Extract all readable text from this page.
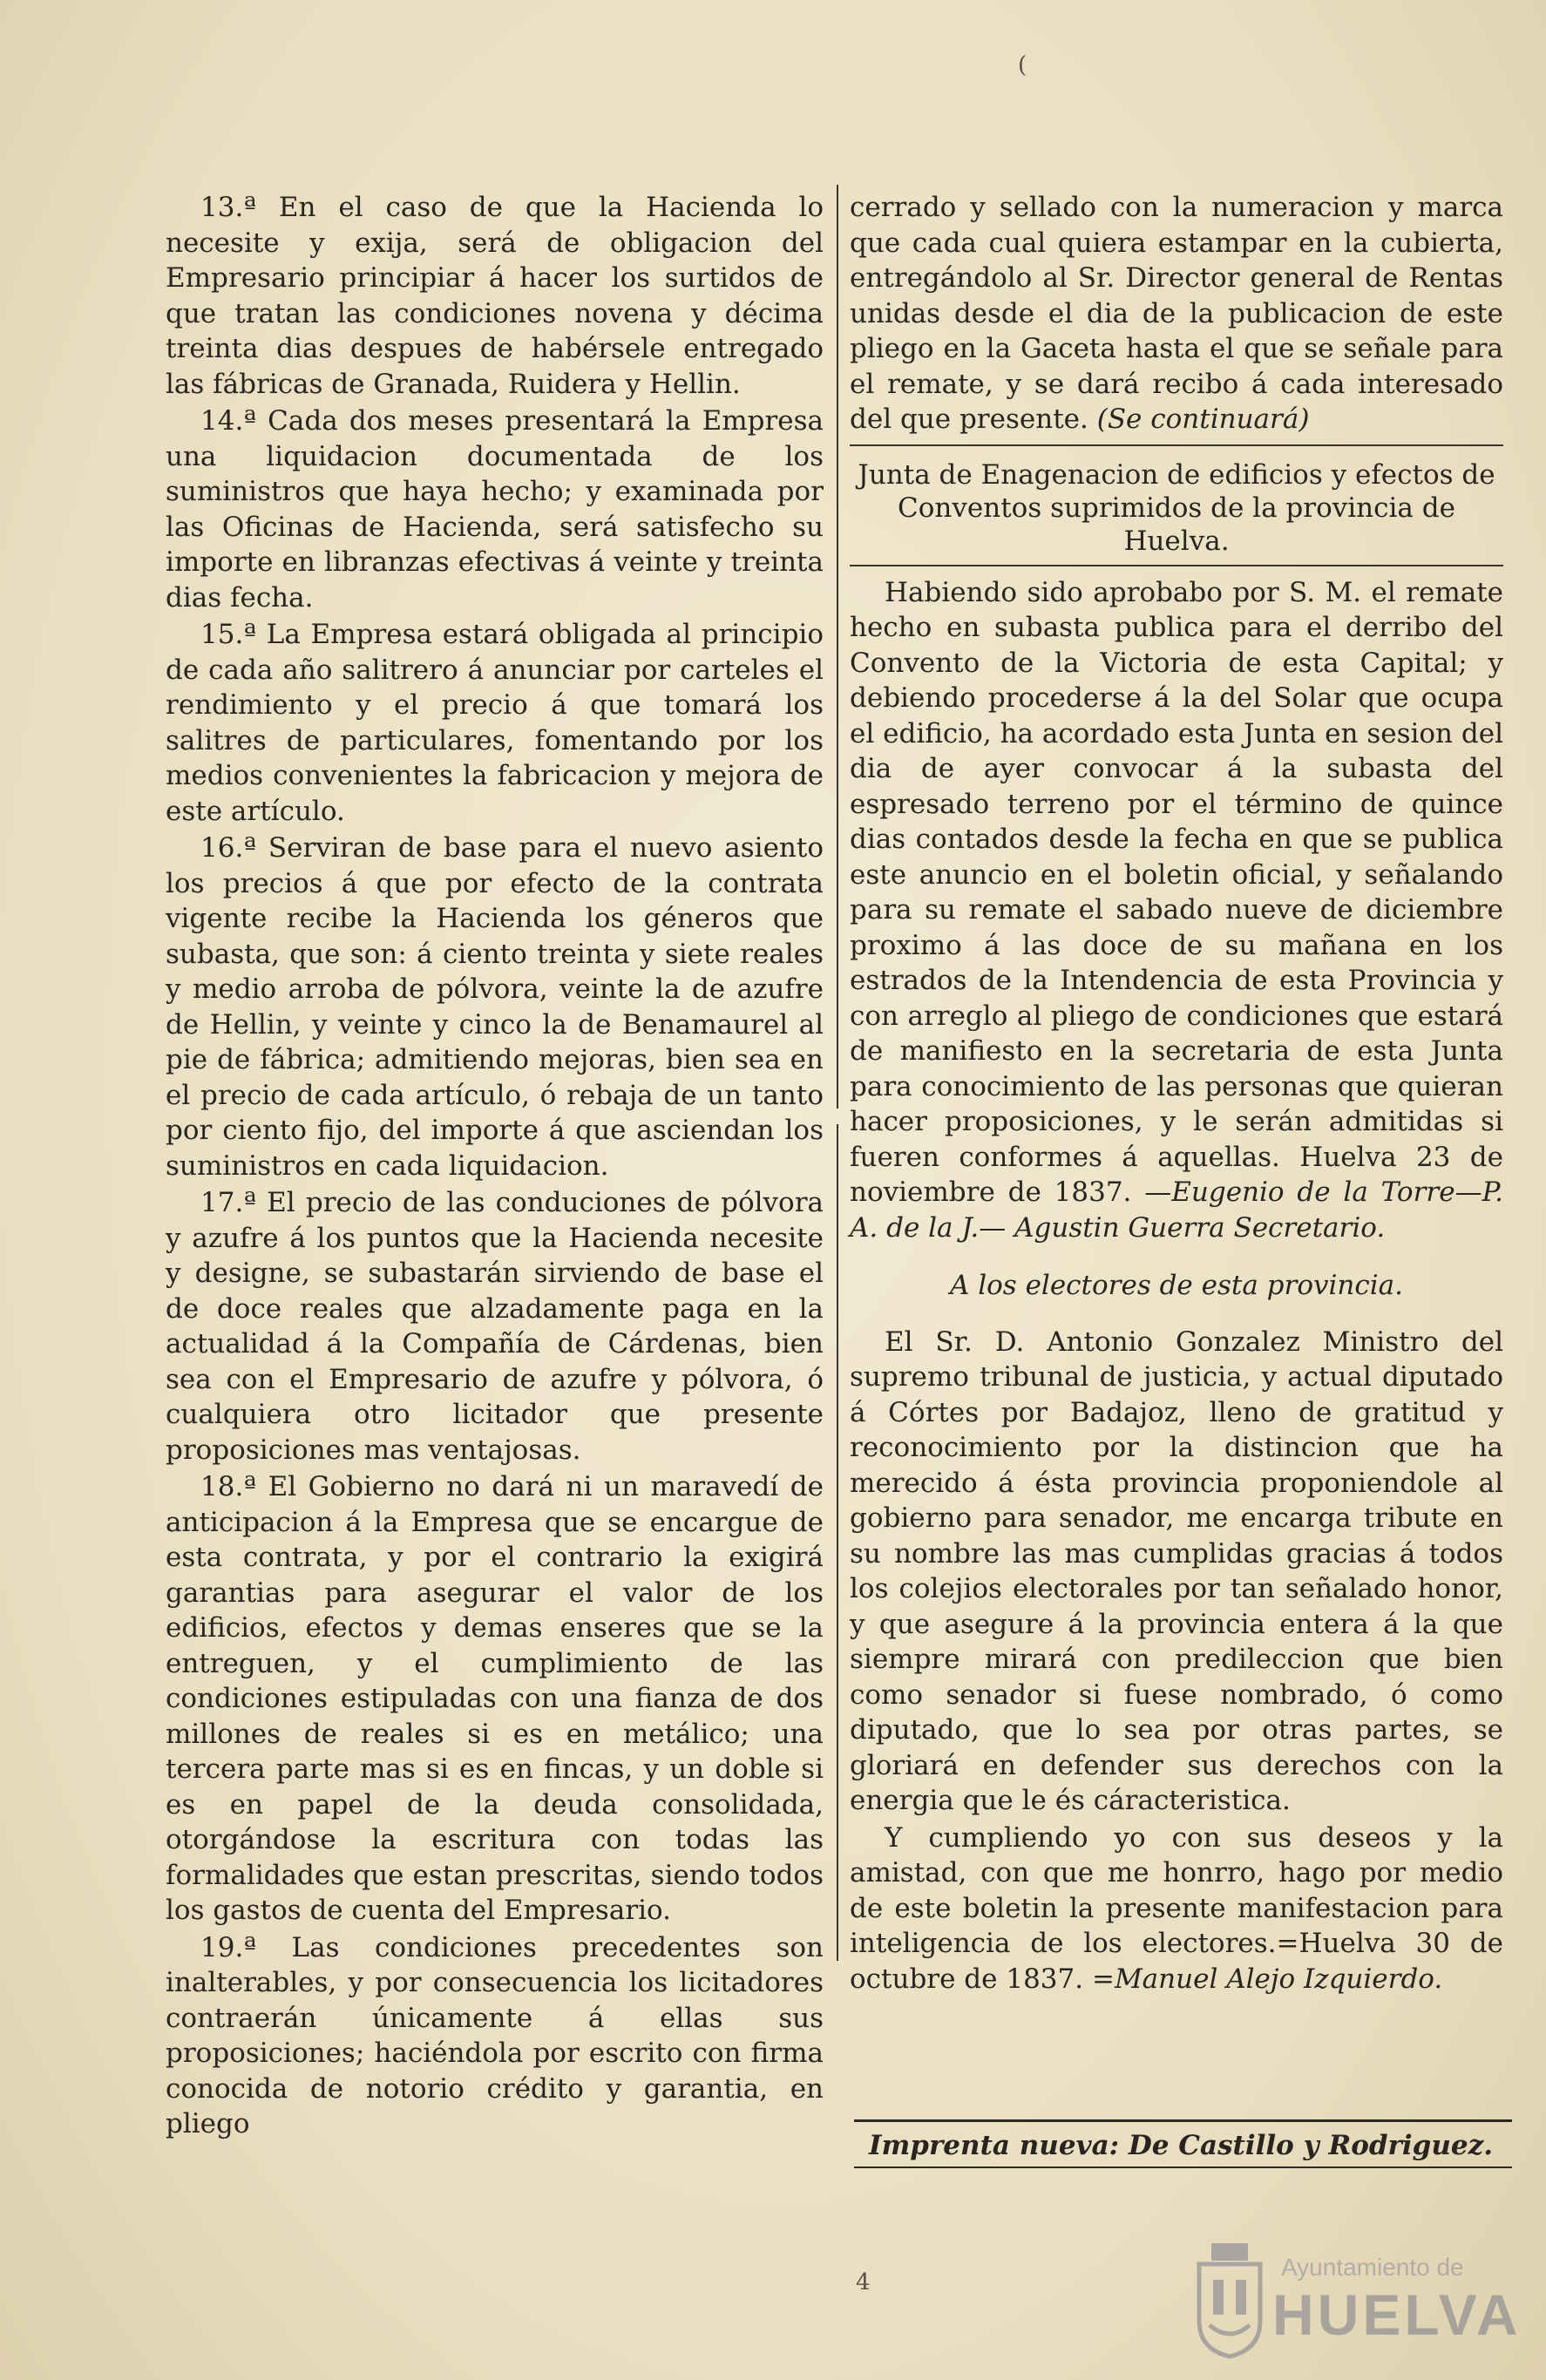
(

13.ª En el caso de que la Hacienda lo necesite y exija, será de obligacion del Empresario principiar á hacer los surtidos de que tratan las condiciones novena y décima treinta dias despues de habérsele entregado las fábricas de Granada, Ruidera y Hellin.

14.ª Cada dos meses presentará la Empresa una liquidacion documentada de los suministros que haya hecho; y examinada por las Oficinas de Hacienda, será satisfecho su importe en libranzas efectivas á veinte y treinta dias fecha.

15.ª La Empresa estará obligada al principio de cada año salitrero á anunciar por carteles el rendimiento y el precio á que tomará los salitres de particulares, fomentando por los medios convenientes la fabricacion y mejora de este artículo.

16.ª Serviran de base para el nuevo asiento los precios á que por efecto de la contrata vigente recibe la Hacienda los géneros que subasta, que son: á ciento treinta y siete reales y medio arroba de pólvora, veinte la de azufre de Hellin, y veinte y cinco la de Benamaurel al pie de fábrica; admitiendo mejoras, bien sea en el precio de cada artículo, ó rebaja de un tanto por ciento fijo, del importe á que asciendan los suministros en cada liquidacion.

17.ª El precio de las conduciones de pólvora y azufre á los puntos que la Hacienda necesite y designe, se subastarán sirviendo de base el de doce reales que alzadamente paga en la actualidad á la Compañía de Cárdenas, bien sea con el Empresario de azufre y pólvora, ó cualquiera otro licitador que presente proposiciones mas ventajosas.

18.ª El Gobierno no dará ni un maravedí de anticipacion á la Empresa que se encargue de esta contrata, y por el contrario la exigirá garantias para asegurar el valor de los edificios, efectos y demas enseres que se la entreguen, y el cumplimiento de las condiciones estipuladas con una fianza de dos millones de reales si es en metálico; una tercera parte mas si es en fincas, y un doble si es en papel de la deuda consolidada, otorgándose la escritura con todas las formalidades que estan prescritas, siendo todos los gastos de cuenta del Empresario.

19.ª Las condiciones precedentes son inalterables, y por consecuencia los licitadores contraerán únicamente á ellas sus proposiciones; haciéndola por escrito con firma conocida de notorio crédito y garantia, en pliego

cerrado y sellado con la numeracion y marca que cada cual quiera estampar en la cubierta, entregándolo al Sr. Director general de Rentas unidas desde el dia de la publicacion de este pliego en la Gaceta hasta el que se señale para el remate, y se dará recibo á cada interesado del que presente. (Se continuará)

Junta de Enagenacion de edificios y efectos de Conventos suprimidos de la provincia de Huelva.

Habiendo sido aprobabo por S. M. el remate hecho en subasta publica para el derribo del Convento de la Victoria de esta Capital; y debiendo procederse á la del Solar que ocupa el edificio, ha acordado esta Junta en sesion del dia de ayer convocar á la subasta del espresado terreno por el término de quince dias contados desde la fecha en que se publica este anuncio en el boletin oficial, y señalando para su remate el sabado nueve de diciembre proximo á las doce de su mañana en los estrados de la Intendencia de esta Provincia y con arreglo al pliego de condiciones que estará de manifiesto en la secretaria de esta Junta para conocimiento de las personas que quieran hacer proposiciones, y le serán admitidas si fueren conformes á aquellas. Huelva 23 de noviembre de 1837. —Eugenio de la Torre—P. A. de la J.— Agustin Guerra Secretario.

A los electores de esta provincia.

El Sr. D. Antonio Gonzalez Ministro del supremo tribunal de justicia, y actual diputado á Córtes por Badajoz, lleno de gratitud y reconocimiento por la distincion que ha merecido á ésta provincia proponiendole al gobierno para senador, me encarga tribute en su nombre las mas cumplidas gracias á todos los colejios electorales por tan señalado honor, y que asegure á la provincia entera á la que siempre mirará con predileccion que bien como senador si fuese nombrado, ó como diputado, que lo sea por otras partes, se gloriará en defender sus derechos con la energia que le és cáracteristica.

Y cumpliendo yo con sus deseos y la amistad, con que me honrro, hago por medio de este boletin la presente manifestacion para inteligencia de los electores.=Huelva 30 de octubre de 1837. =Manuel Alejo Izquierdo.

Imprenta nueva: De Castillo y Rodriguez.

4
Ayuntamiento de
HUELVA
